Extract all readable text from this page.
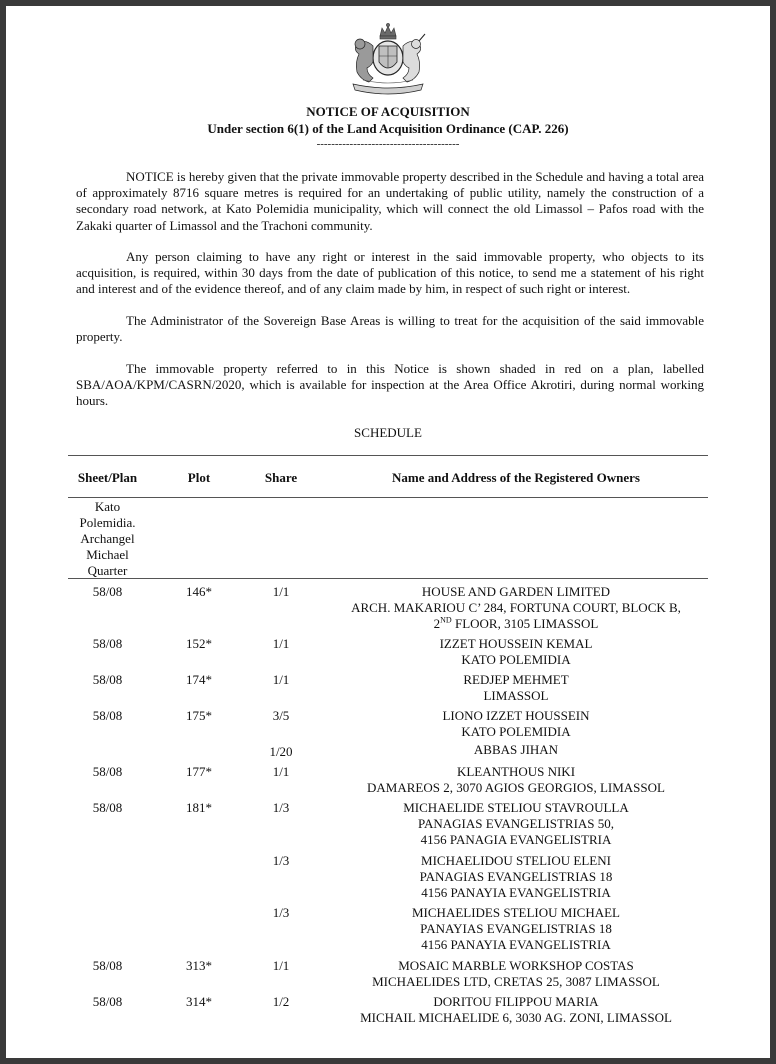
NOTICE OF ACQUISITION
Under section 6(1) of the Land Acquisition Ordinance (CAP. 226)
---------------------------------------

NOTICE is hereby given that the private immovable property described in the Schedule and having a total area of approximately 8716 square metres is required for an undertaking of public utility, namely the construction of a secondary road network, at Kato Polemidia municipality, which will connect the old Limassol – Pafos road with the Zakaki quarter of Limassol and the Trachoni community.

Any person claiming to have any right or interest in the said immovable property, who objects to its acquisition, is required, within 30 days from the date of publication of this notice, to send me a statement of his right and interest and of the evidence thereof, and of any claim made by him, in respect of such right or interest.

The Administrator of the Sovereign Base Areas is willing to treat for the acquisition of the said immovable property.

The immovable property referred to in this Notice is shown shaded in red on a plan, labelled SBA/AOA/KPM/CASRN/2020, which is available for inspection at the Area Office Akrotiri, during normal working hours.

SCHEDULE
Sheet/Plan	Plot	Share	Name and Address of the Registered Owners
Kato
Polemidia.
Archangel
Michael
Quarter
58/08	146*	1/1	HOUSE AND GARDEN LIMITED
ARCH. MAKARIOU C’ 284, FORTUNA COURT, BLOCK B,
2ND FLOOR, 3105 LIMASSOL
58/08	152*	1/1	IZZET HOUSSEIN KEMAL
KATO POLEMIDIA
58/08	174*	1/1	REDJEP MEHMET
LIMASSOL
58/08	175*	3/5	LIONO IZZET HOUSSEIN
KATO POLEMIDIA
1/20	ABBAS JIHAN
58/08	177*	1/1	KLEANTHOUS NIKI
DAMAREOS 2, 3070 AGIOS GEORGIOS, LIMASSOL
58/08	181*	1/3	MICHAELIDE STELIOU STAVROULLA
PANAGIAS EVANGELISTRIAS 50,
4156 PANAGIA EVANGELISTRIA
1/3	MICHAELIDOU STELIOU ELENI
PANAGIAS EVANGELISTRIAS 18
4156 PANAYIA EVANGELISTRIA
1/3	MICHAELIDES STELIOU MICHAEL
PANAYIAS EVANGELISTRIAS 18
4156 PANAYIA EVANGELISTRIA
58/08	313*	1/1	MOSAIC MARBLE WORKSHOP COSTAS
MICHAELIDES LTD, CRETAS 25, 3087 LIMASSOL
58/08	314*	1/2	DORITOU FILIPPOU MARIA
MICHAIL MICHAELIDE 6, 3030 AG. ZONI, LIMASSOL
